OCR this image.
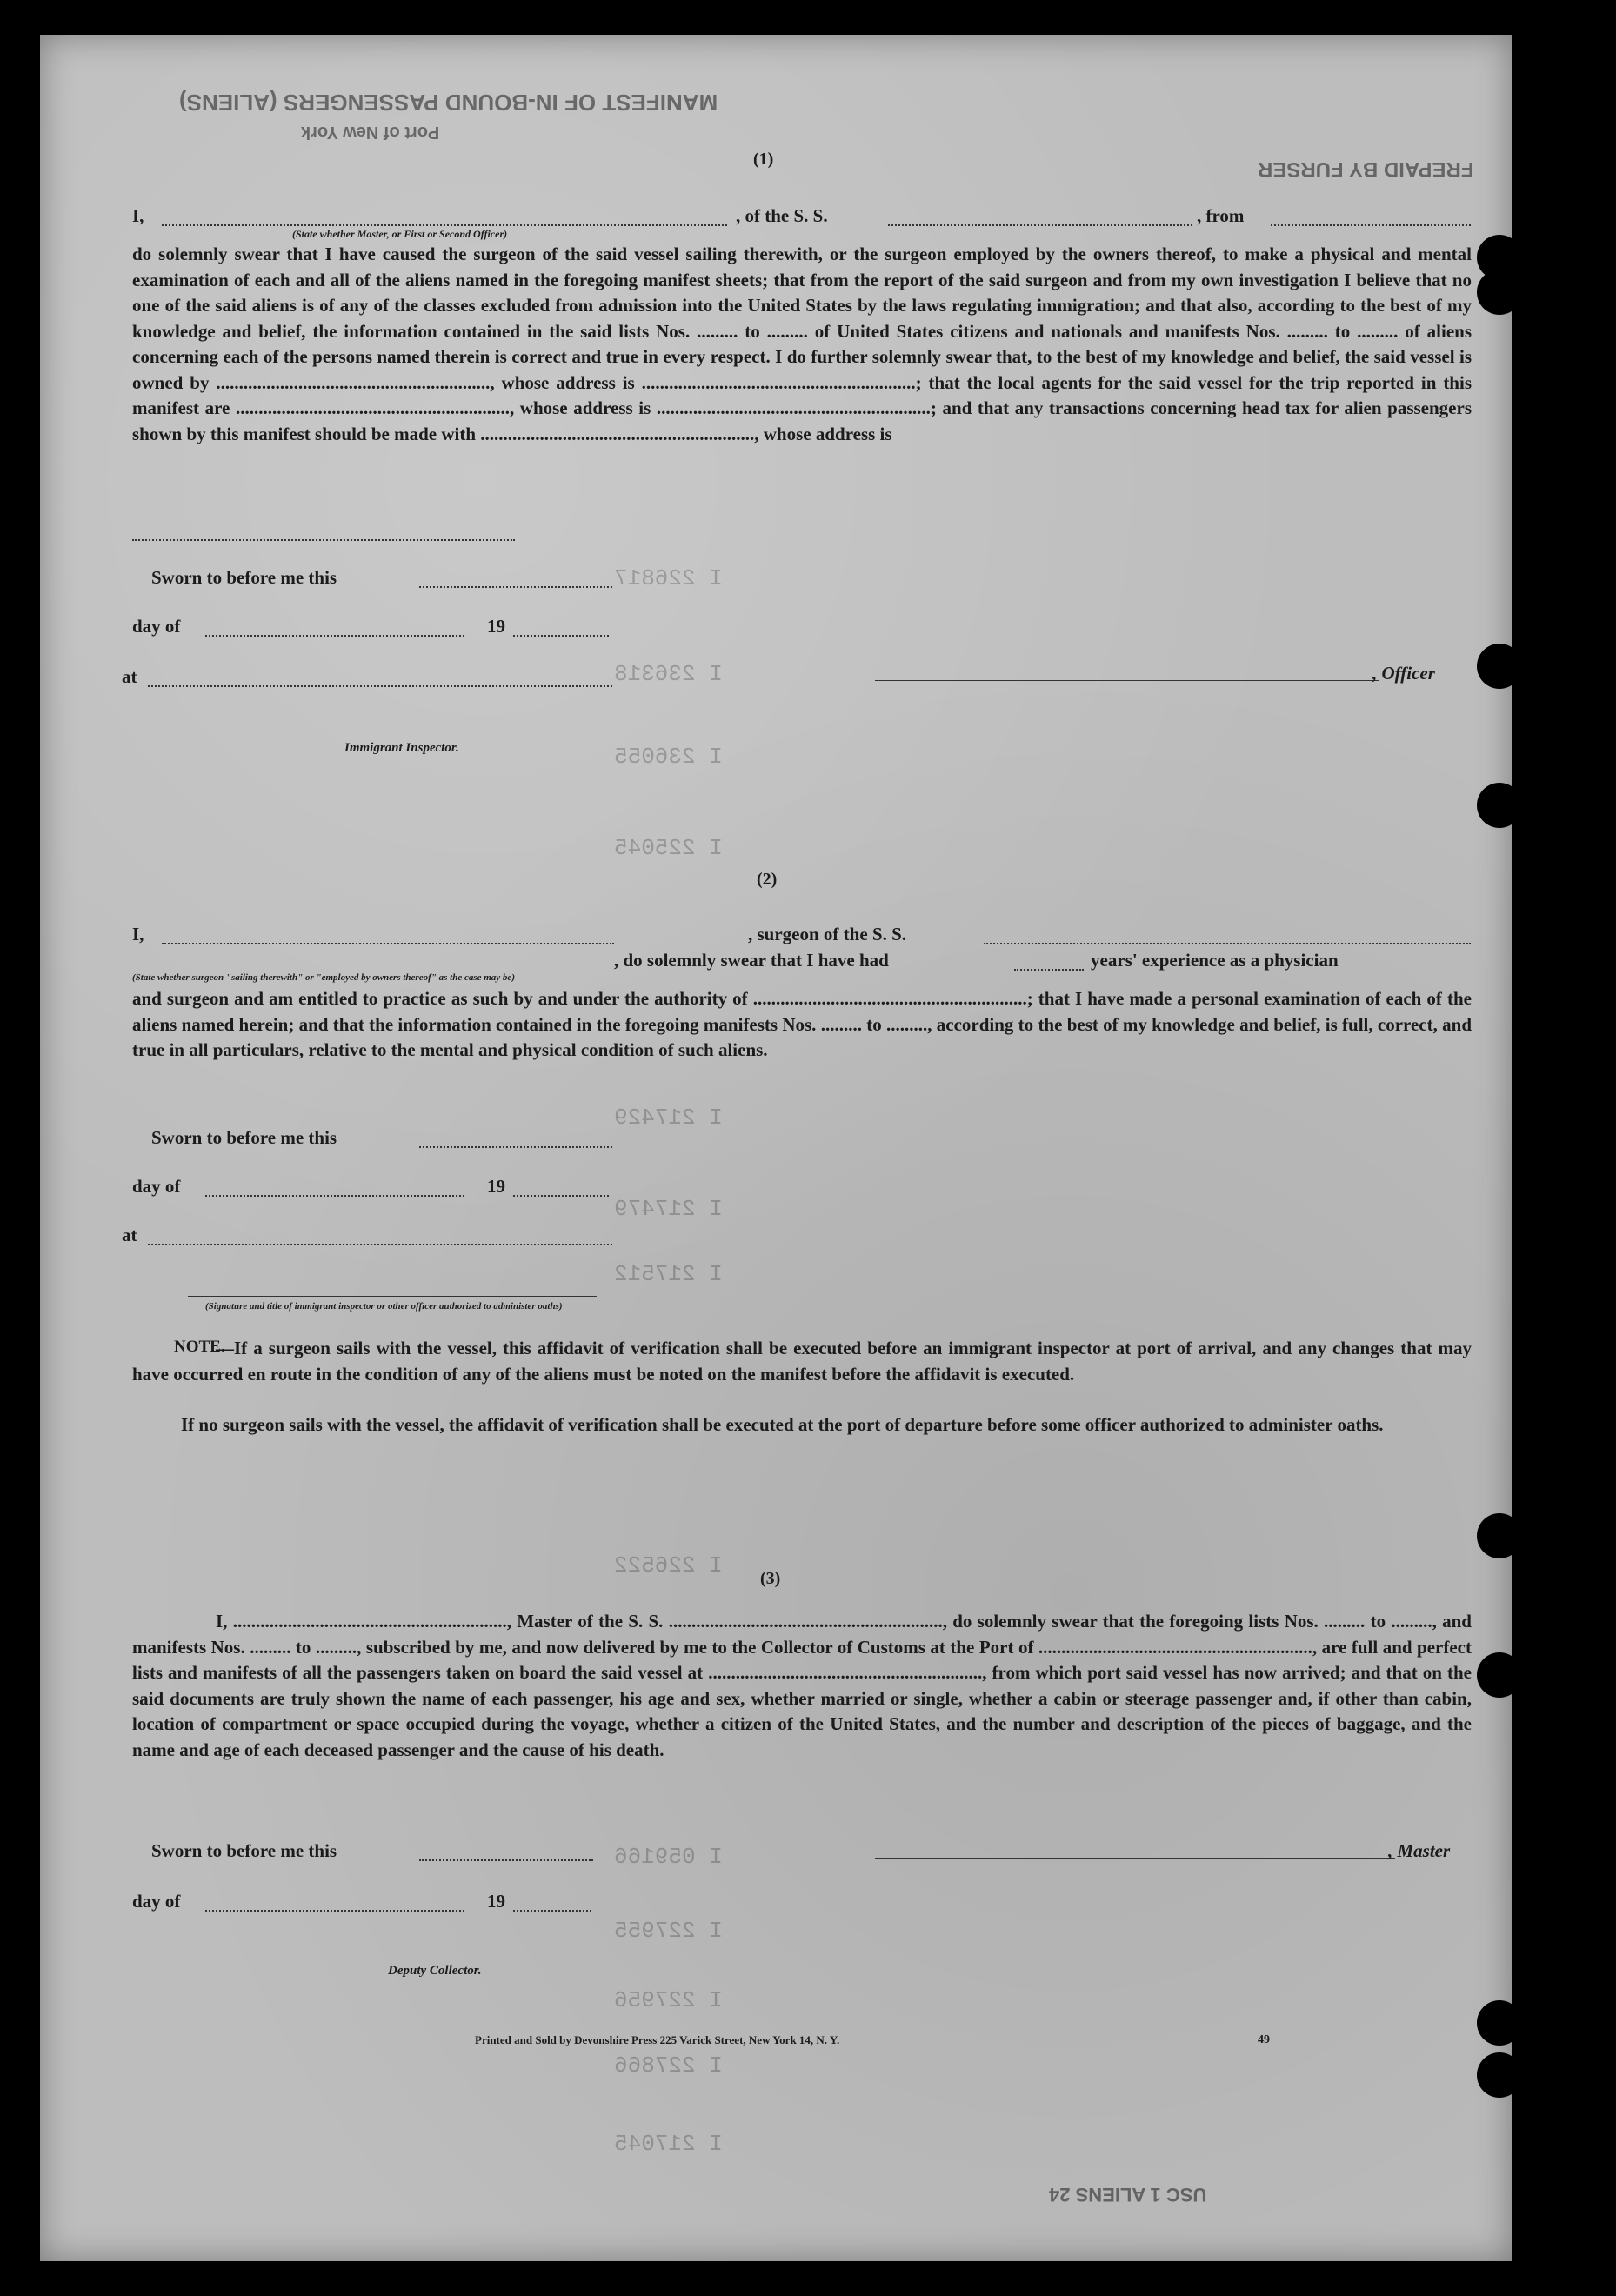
MANIFEST OF IN-BOUND PASSENGERS (ALIENS)
Port of New York
FREPAID BY FURSER
I 226817
I 236318
I 236055
I 225045
I 217429
I 217479
I 217512
I 226522
I 059166
I 227955
I 227956
I 227866
I 217045
(1)
I,	, of the S. S.	, from
(State whether Master, or First or Second Officer)
do solemnly swear that I have caused the surgeon of the said vessel sailing therewith, or the surgeon employed by the owners thereof, to make a physical and mental examination of each and all of the aliens named in the foregoing manifest sheets; that from the report of the said surgeon and from my own investigation I believe that no one of the said aliens is of any of the classes excluded from admission into the United States by the laws regulating immigration; and that also, according to the best of my knowledge and belief, the information contained in the said lists Nos. ......... to ......... of United States citizens and nationals and manifests Nos. ......... to ......... of aliens concerning each of the persons named therein is correct and true in every respect. I do further solemnly swear that, to the best of my knowledge and belief, the said vessel is owned by ............................................................, whose address is ............................................................; that the local agents for the said vessel for the trip reported in this manifest are ............................................................, whose address is ............................................................; and that any transactions concerning head tax for alien passengers shown by this manifest should be made with ............................................................, whose address is
Sworn to before me this
day of	19
at	, Officer
Immigrant Inspector.
(2)
I,
, do solemnly swear that I have had
, surgeon of the S. S.
years' experience as a physician
(State whether surgeon "sailing therewith" or "employed by owners thereof" as the case may be)
and surgeon and am entitled to practice as such by and under the authority of ............................................................; that I have made a personal examination of each of the aliens named herein; and that the information contained in the foregoing manifests Nos. ......... to ........., according to the best of my knowledge and belief, is full, correct, and true in all particulars, relative to the mental and physical condition of such aliens.
Sworn to before me this
day of	19
at
(Signature and title of immigrant inspector or other officer authorized to administer oaths)
NOTE.
—If a surgeon sails with the vessel, this affidavit of verification shall be executed before an immigrant inspector at port of arrival, and any changes that may have occurred en route in the condition of any of the aliens must be noted on the manifest before the affidavit is executed.
If no surgeon sails with the vessel, the affidavit of verification shall be executed at the port of departure before some officer authorized to administer oaths.
(3)
I, ............................................................, Master of the S. S. ............................................................, do solemnly swear that the foregoing lists Nos. ......... to ........., and manifests Nos. ......... to ........., subscribed by me, and now delivered by me to the Collector of Customs at the Port of ............................................................, are full and perfect lists and manifests of all the passengers taken on board the said vessel at ............................................................, from which port said vessel has now arrived; and that on the said documents are truly shown the name of each passenger, his age and sex, whether married or single, whether a cabin or steerage passenger and, if other than cabin, location of compartment or space occupied during the voyage, whether a citizen of the United States, and the number and description of the pieces of baggage, and the name and age of each deceased passenger and the cause of his death.
Sworn to before me this	, Master
day of	19
Deputy Collector.
Printed and Sold by Devonshire Press 225 Varick Street, New York 14, N. Y.	49
USC 1 ALIENS 24
